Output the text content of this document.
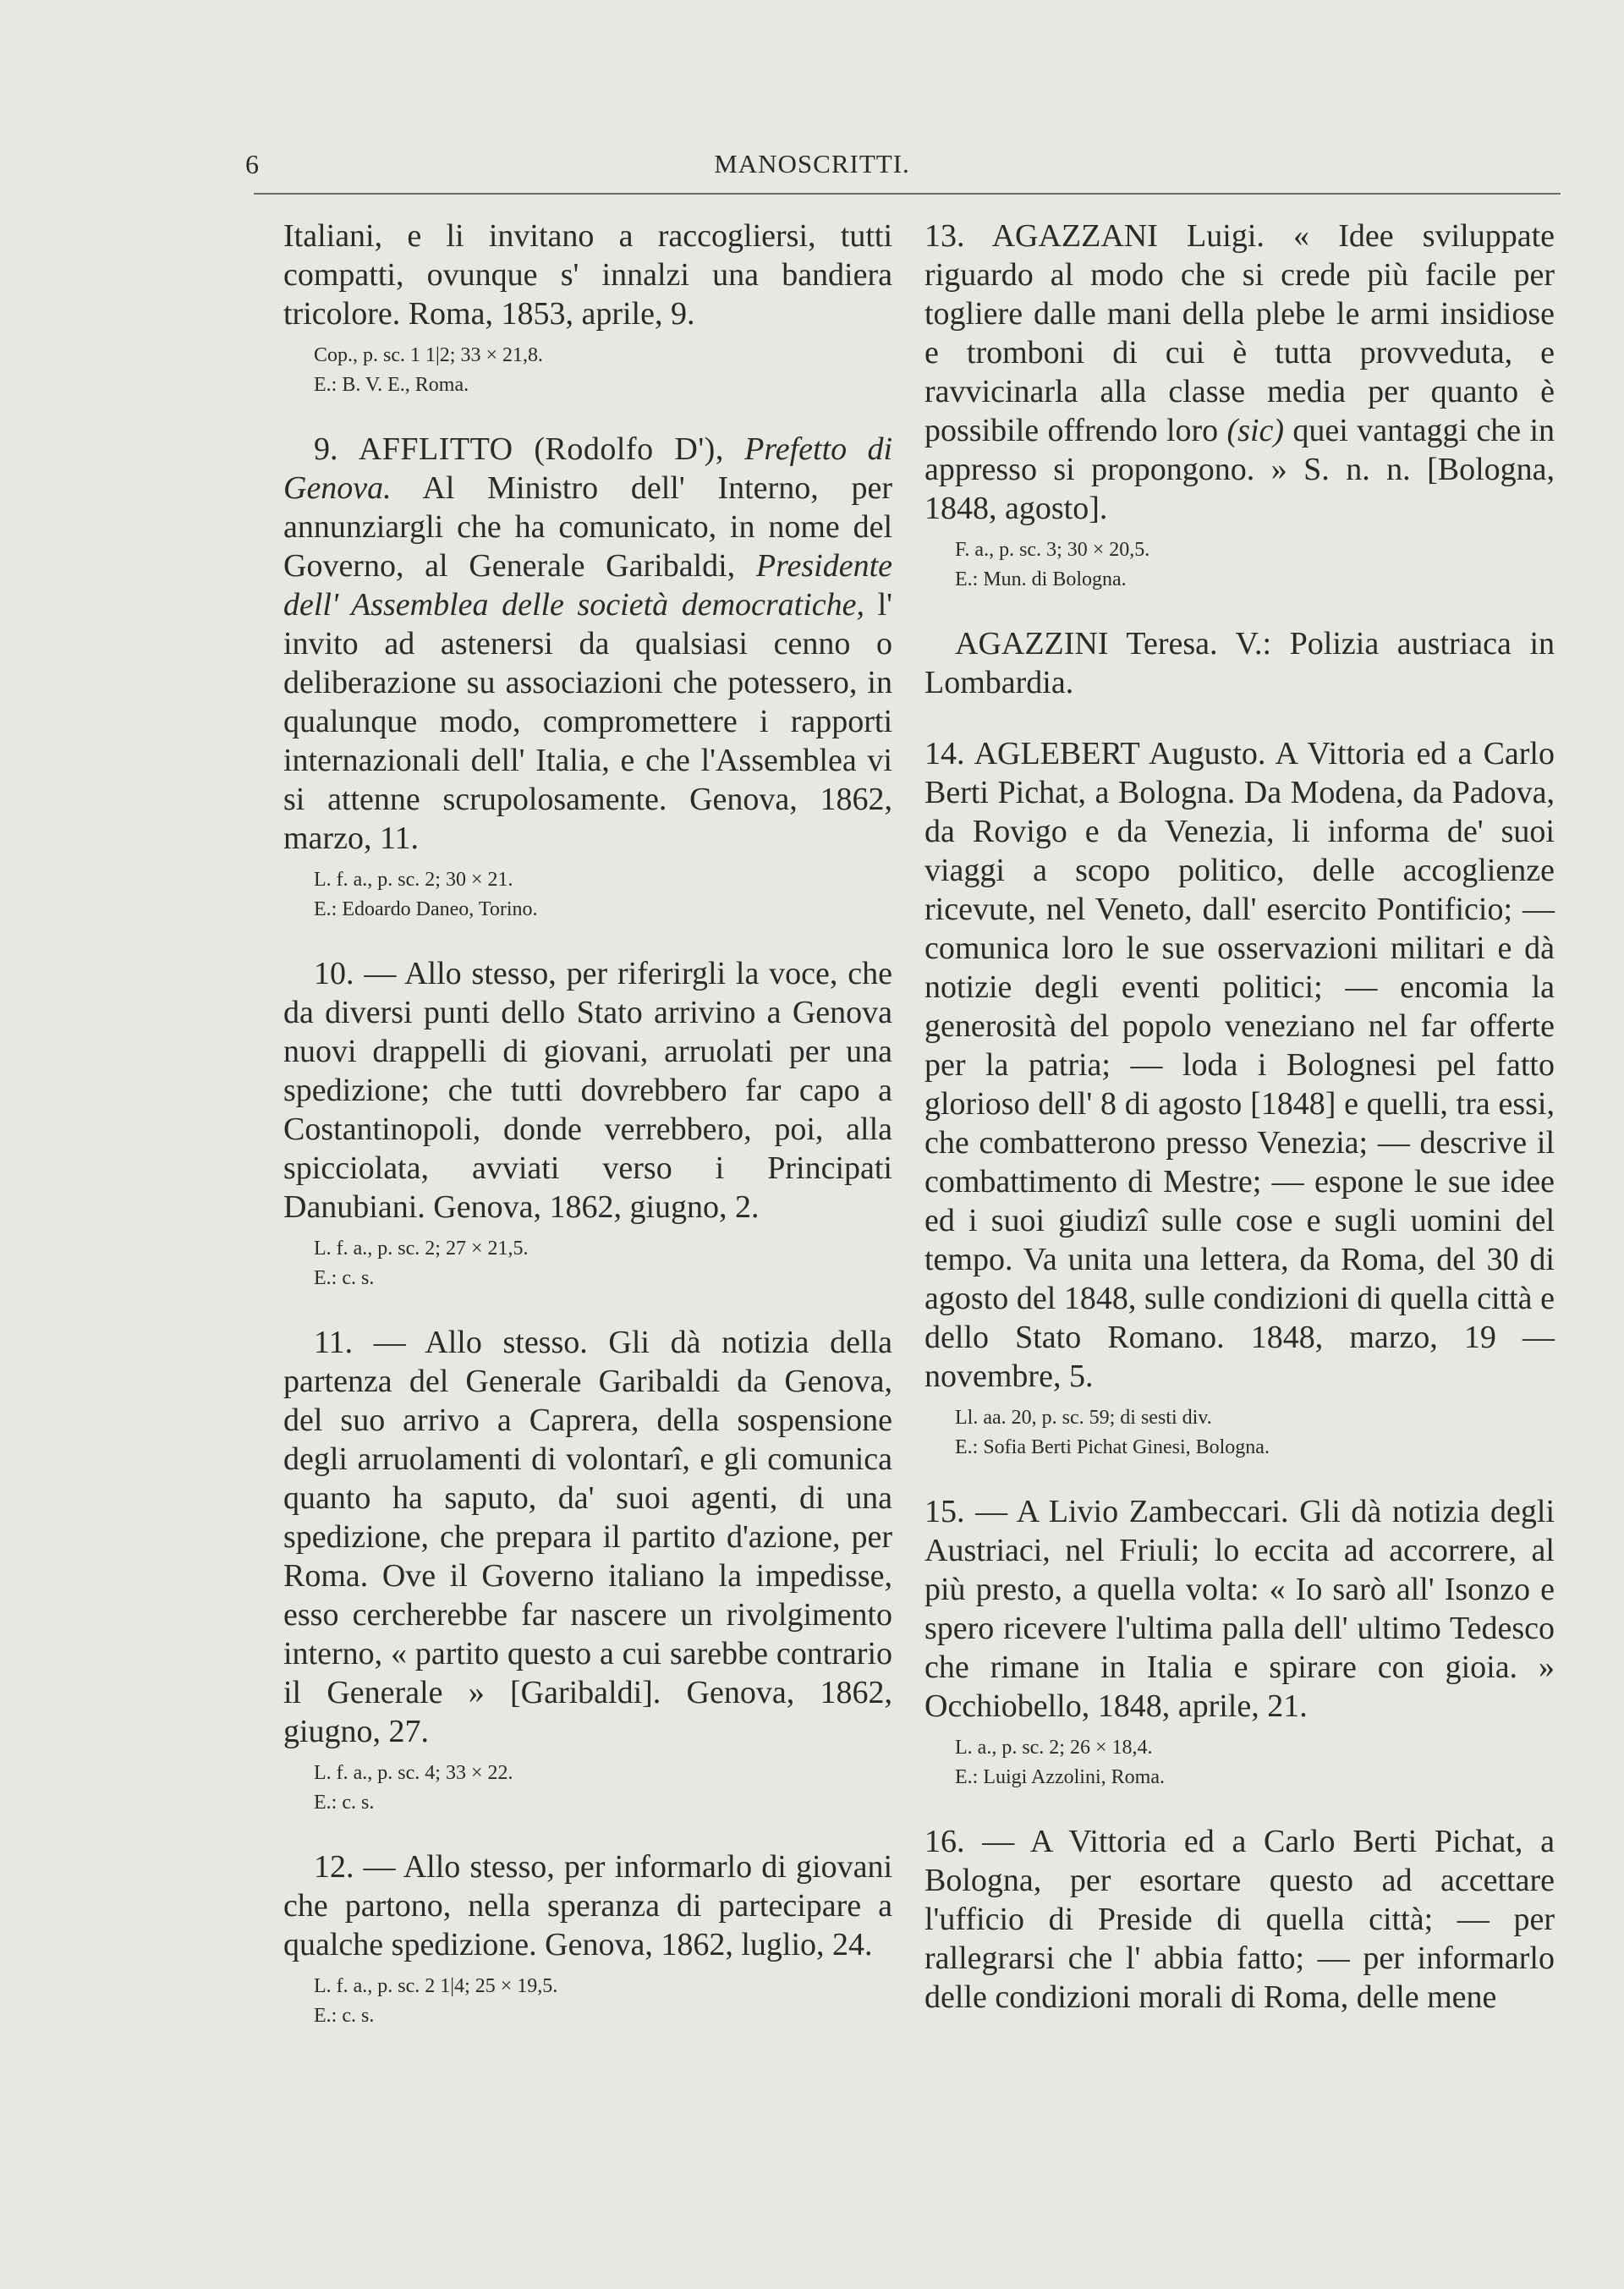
6	MANOSCRITTI.

Italiani, e li invitano a raccogliersi, tutti compatti, ovunque s' innalzi una bandiera tricolore. Roma, 1853, aprile, 9.

Cop., p. sc. 1 1|2; 33 × 21,8.
E.: B. V. E., Roma.

9. AFFLITTO (Rodolfo D'), Prefetto di Genova. Al Ministro dell' Interno, per annunziargli che ha comunicato, in nome del Governo, al Generale Garibaldi, Presidente dell' Assemblea delle società democratiche, l' invito ad astenersi da qualsiasi cenno o deliberazione su associazioni che potessero, in qualunque modo, compromettere i rapporti internazionali dell' Italia, e che l'Assemblea vi si attenne scrupolosamente. Genova, 1862, marzo, 11.

L. f. a., p. sc. 2; 30 × 21.
E.: Edoardo Daneo, Torino.

10. — Allo stesso, per riferirgli la voce, che da diversi punti dello Stato arrivino a Genova nuovi drappelli di giovani, arruolati per una spedizione; che tutti dovrebbero far capo a Costantinopoli, donde verrebbero, poi, alla spicciolata, avviati verso i Principati Danubiani. Genova, 1862, giugno, 2.

L. f. a., p. sc. 2; 27 × 21,5.
E.: c. s.

11. — Allo stesso. Gli dà notizia della partenza del Generale Garibaldi da Genova, del suo arrivo a Caprera, della sospensione degli arruolamenti di volontarî, e gli comunica quanto ha saputo, da' suoi agenti, di una spedizione, che prepara il partito d'azione, per Roma. Ove il Governo italiano la impedisse, esso cercherebbe far nascere un rivolgimento interno, « partito questo a cui sarebbe contrario il Generale » [Garibaldi]. Genova, 1862, giugno, 27.

L. f. a., p. sc. 4; 33 × 22.
E.: c. s.

12. — Allo stesso, per informarlo di giovani che partono, nella speranza di partecipare a qualche spedizione. Genova, 1862, luglio, 24.

L. f. a., p. sc. 2 1|4; 25 × 19,5.
E.: c. s.

13. AGAZZANI Luigi. « Idee sviluppate riguardo al modo che si crede più facile per togliere dalle mani della plebe le armi insidiose e tromboni di cui è tutta provveduta, e ravvicinarla alla classe media per quanto è possibile offrendo loro (sic) quei vantaggi che in appresso si propongono. » S. n. n. [Bologna, 1848, agosto].

F. a., p. sc. 3; 30 × 20,5.
E.: Mun. di Bologna.

AGAZZINI Teresa. V.: Polizia austriaca in Lombardia.

14. AGLEBERT Augusto. A Vittoria ed a Carlo Berti Pichat, a Bologna. Da Modena, da Padova, da Rovigo e da Venezia, li informa de' suoi viaggi a scopo politico, delle accoglienze ricevute, nel Veneto, dall' esercito Pontificio; — comunica loro le sue osservazioni militari e dà notizie degli eventi politici; — encomia la generosità del popolo veneziano nel far offerte per la patria; — loda i Bolognesi pel fatto glorioso dell' 8 di agosto [1848] e quelli, tra essi, che combatterono presso Venezia; — descrive il combattimento di Mestre; — espone le sue idee ed i suoi giudizî sulle cose e sugli uomini del tempo. Va unita una lettera, da Roma, del 30 di agosto del 1848, sulle condizioni di quella città e dello Stato Romano. 1848, marzo, 19 — novembre, 5.

Ll. aa. 20, p. sc. 59; di sesti div.
E.: Sofia Berti Pichat Ginesi, Bologna.

15. — A Livio Zambeccari. Gli dà notizia degli Austriaci, nel Friuli; lo eccita ad accorrere, al più presto, a quella volta: « Io sarò all' Isonzo e spero ricevere l'ultima palla dell' ultimo Tedesco che rimane in Italia e spirare con gioia. » Occhiobello, 1848, aprile, 21.

L. a., p. sc. 2; 26 × 18,4.
E.: Luigi Azzolini, Roma.

16. — A Vittoria ed a Carlo Berti Pichat, a Bologna, per esortare questo ad accettare l'ufficio di Preside di quella città; — per rallegrarsi che l' abbia fatto; — per informarlo delle condizioni morali di Roma, delle mene
